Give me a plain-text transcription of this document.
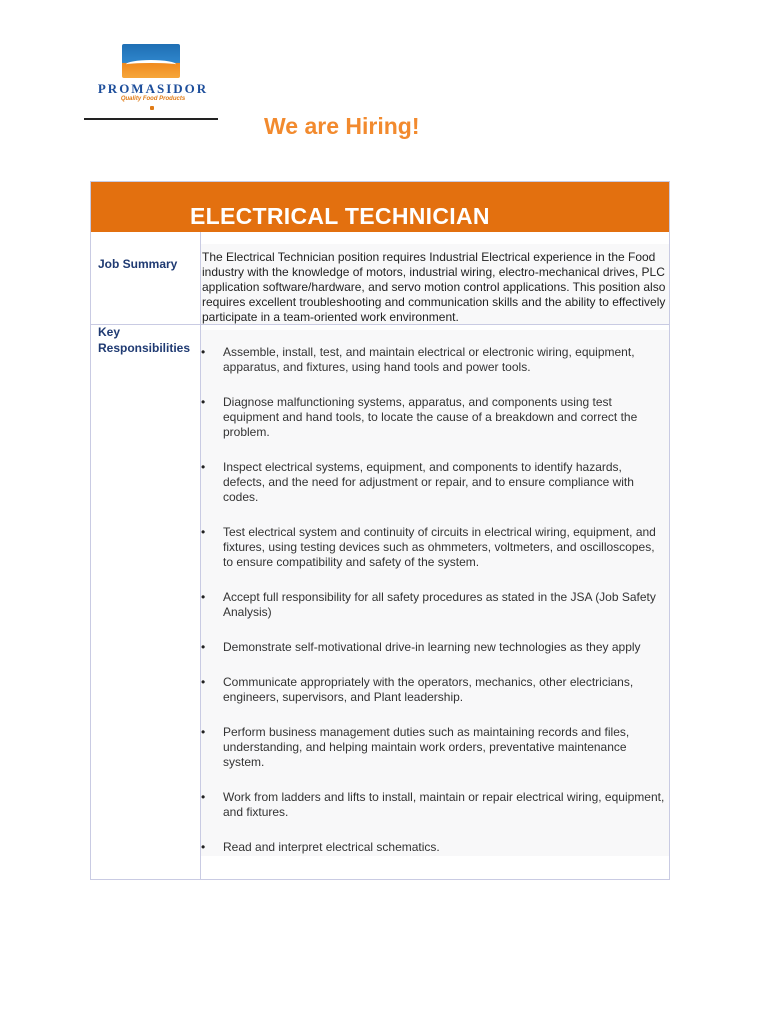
PROMASIDOR
Quality Food Products
We are Hiring!
ELECTRICAL TECHNICIAN
Job Summary The Electrical Technician position requires Industrial Electrical experience in the Food industry with the knowledge of motors, industrial wiring, electro-mechanical drives, PLC application software/hardware, and servo motion control applications. This position also requires excellent troubleshooting and communication skills and the ability to effectively participate in a team-oriented work environment.
Key
Responsibilities • Assemble, install, test, and maintain electrical or electronic wiring, equipment, apparatus, and fixtures, using hand tools and power tools.
• Diagnose malfunctioning systems, apparatus, and components using test equipment and hand tools, to locate the cause of a breakdown and correct the problem.
• Inspect electrical systems, equipment, and components to identify hazards, defects, and the need for adjustment or repair, and to ensure compliance with codes.
• Test electrical system and continuity of circuits in electrical wiring, equipment, and fixtures, using testing devices such as ohmmeters, voltmeters, and oscilloscopes, to ensure compatibility and safety of the system.
• Accept full responsibility for all safety procedures as stated in the JSA (Job Safety Analysis)
• Demonstrate self-motivational drive-in learning new technologies as they apply
• Communicate appropriately with the operators, mechanics, other electricians, engineers, supervisors, and Plant leadership.
• Perform business management duties such as maintaining records and files, understanding, and helping maintain work orders, preventative maintenance system.
• Work from ladders and lifts to install, maintain or repair electrical wiring, equipment, and fixtures.
• Read and interpret electrical schematics.
